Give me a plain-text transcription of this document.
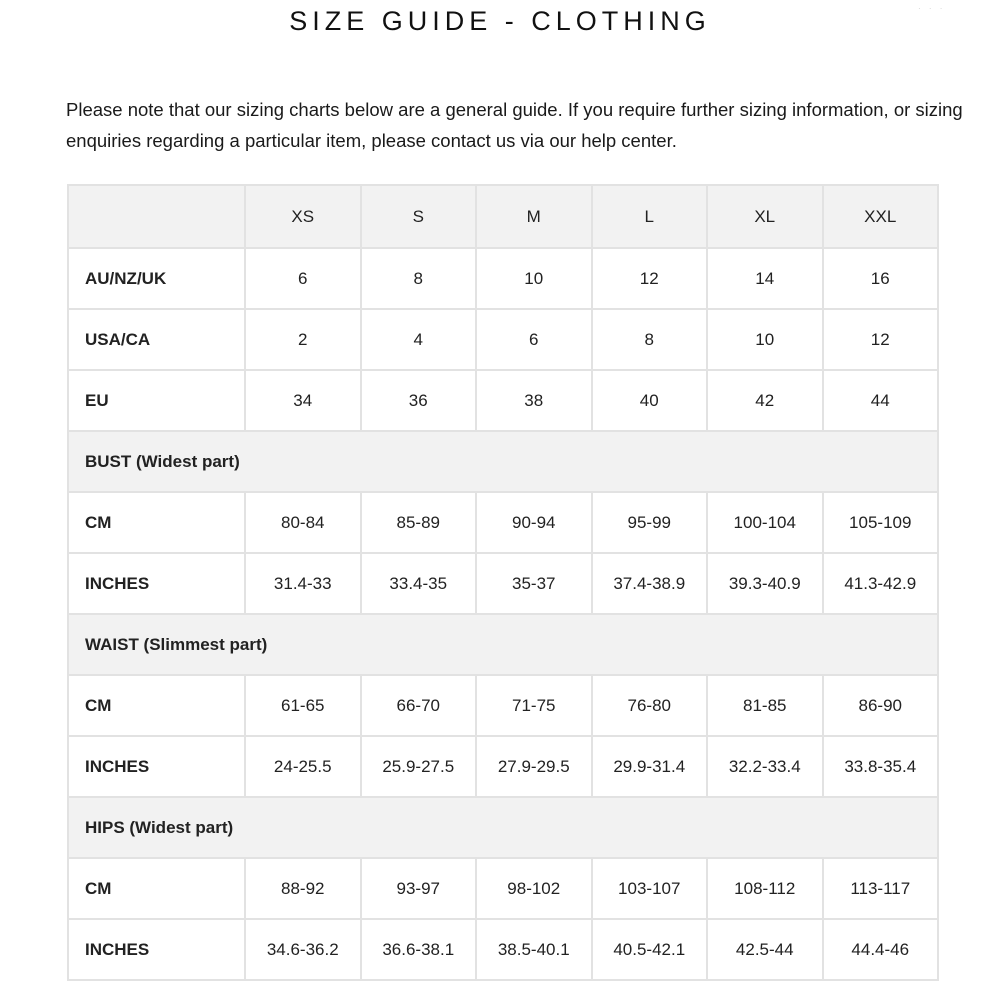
SIZE GUIDE - CLOTHING	· · ·

Please note that our sizing charts below are a general guide. If you require further sizing information, or sizing enquiries regarding a particular item, please contact us via our help center.

	XS	S	M	L	XL	XXL
AU/NZ/UK	6	8	10	12	14	16
USA/CA	2	4	6	8	10	12
EU	34	36	38	40	42	44
BUST (Widest part)						
CM	80-84	85-89	90-94	95-99	100-104	105-109
INCHES	31.4-33	33.4-35	35-37	37.4-38.9	39.3-40.9	41.3-42.9
WAIST (Slimmest part)						
CM	61-65	66-70	71-75	76-80	81-85	86-90
INCHES	24-25.5	25.9-27.5	27.9-29.5	29.9-31.4	32.2-33.4	33.8-35.4
HIPS (Widest part)						
CM	88-92	93-97	98-102	103-107	108-112	113-117
INCHES	34.6-36.2	36.6-38.1	38.5-40.1	40.5-42.1	42.5-44	44.4-46
